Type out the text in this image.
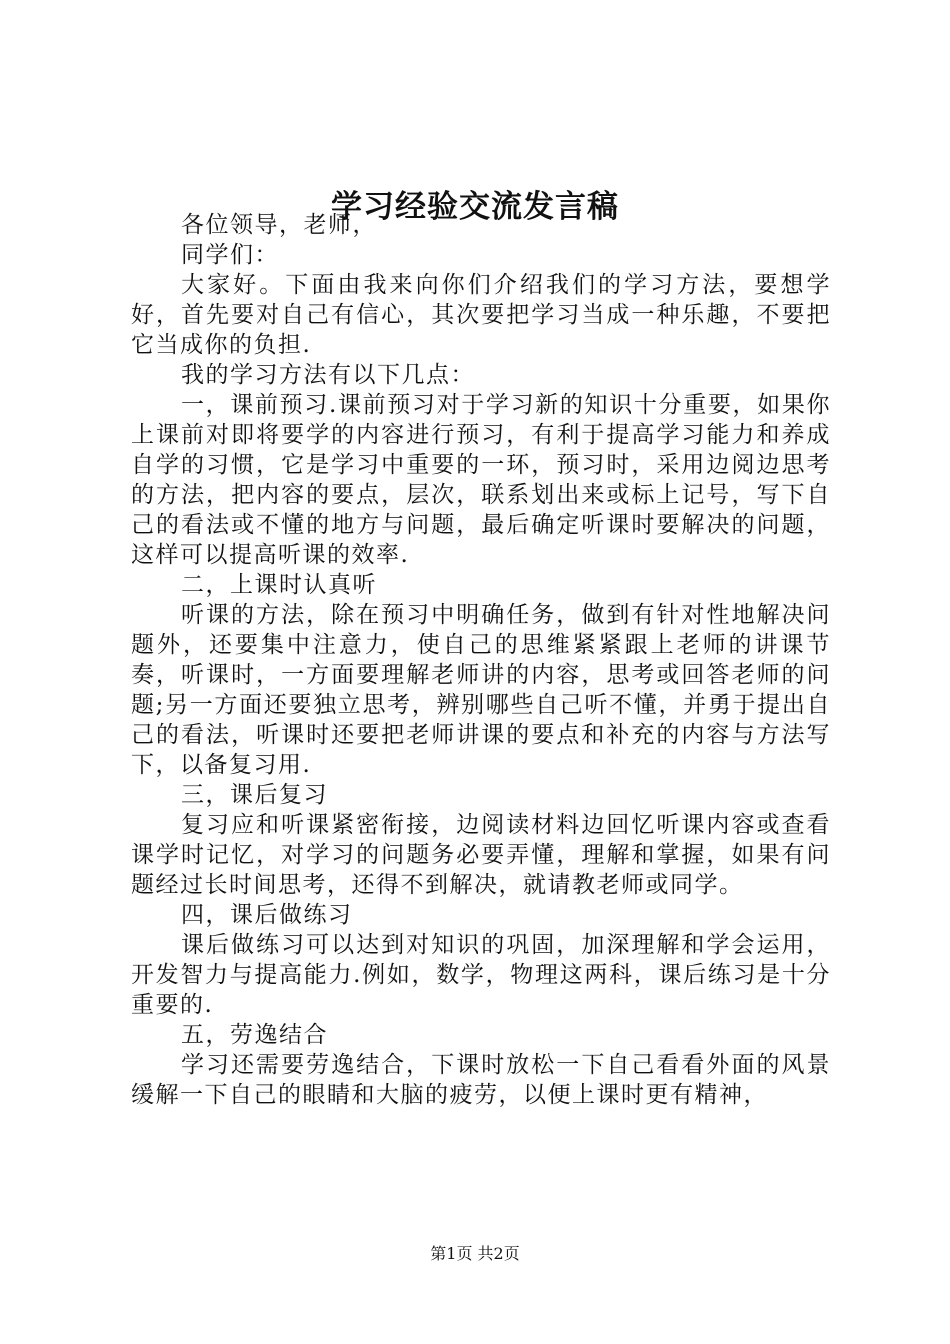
学习经验交流发言稿

各位领导，老师，

同学们：

大家好。下面由我来向你们介绍我们的学习方法，要想学好，首先要对自己有信心，其次要把学习当成一种乐趣，不要把它当成你的负担.

我的学习方法有以下几点：

一，课前预习.课前预习对于学习新的知识十分重要，如果你上课前对即将要学的内容进行预习，有利于提高学习能力和养成自学的习惯，它是学习中重要的一环，预习时，采用边阅边思考的方法，把内容的要点，层次，联系划出来或标上记号，写下自己的看法或不懂的地方与问题，最后确定听课时要解决的问题，这样可以提高听课的效率.

二，上课时认真听

听课的方法，除在预习中明确任务，做到有针对性地解决问题外，还要集中注意力，使自己的思维紧紧跟上老师的讲课节奏，听课时，一方面要理解老师讲的内容，思考或回答老师的问题;另一方面还要独立思考，辨别哪些自己听不懂，并勇于提出自己的看法，听课时还要把老师讲课的要点和补充的内容与方法写下，以备复习用.

三，课后复习

复习应和听课紧密衔接，边阅读材料边回忆听课内容或查看课学时记忆，对学习的问题务必要弄懂，理解和掌握，如果有问题经过长时间思考，还得不到解决，就请教老师或同学。

四，课后做练习

课后做练习可以达到对知识的巩固，加深理解和学会运用，开发智力与提高能力.例如，数学，物理这两科，课后练习是十分重要的.

五，劳逸结合

学习还需要劳逸结合，下课时放松一下自己看看外面的风景缓解一下自己的眼睛和大脑的疲劳，以便上课时更有精神，

第1页 共2页
